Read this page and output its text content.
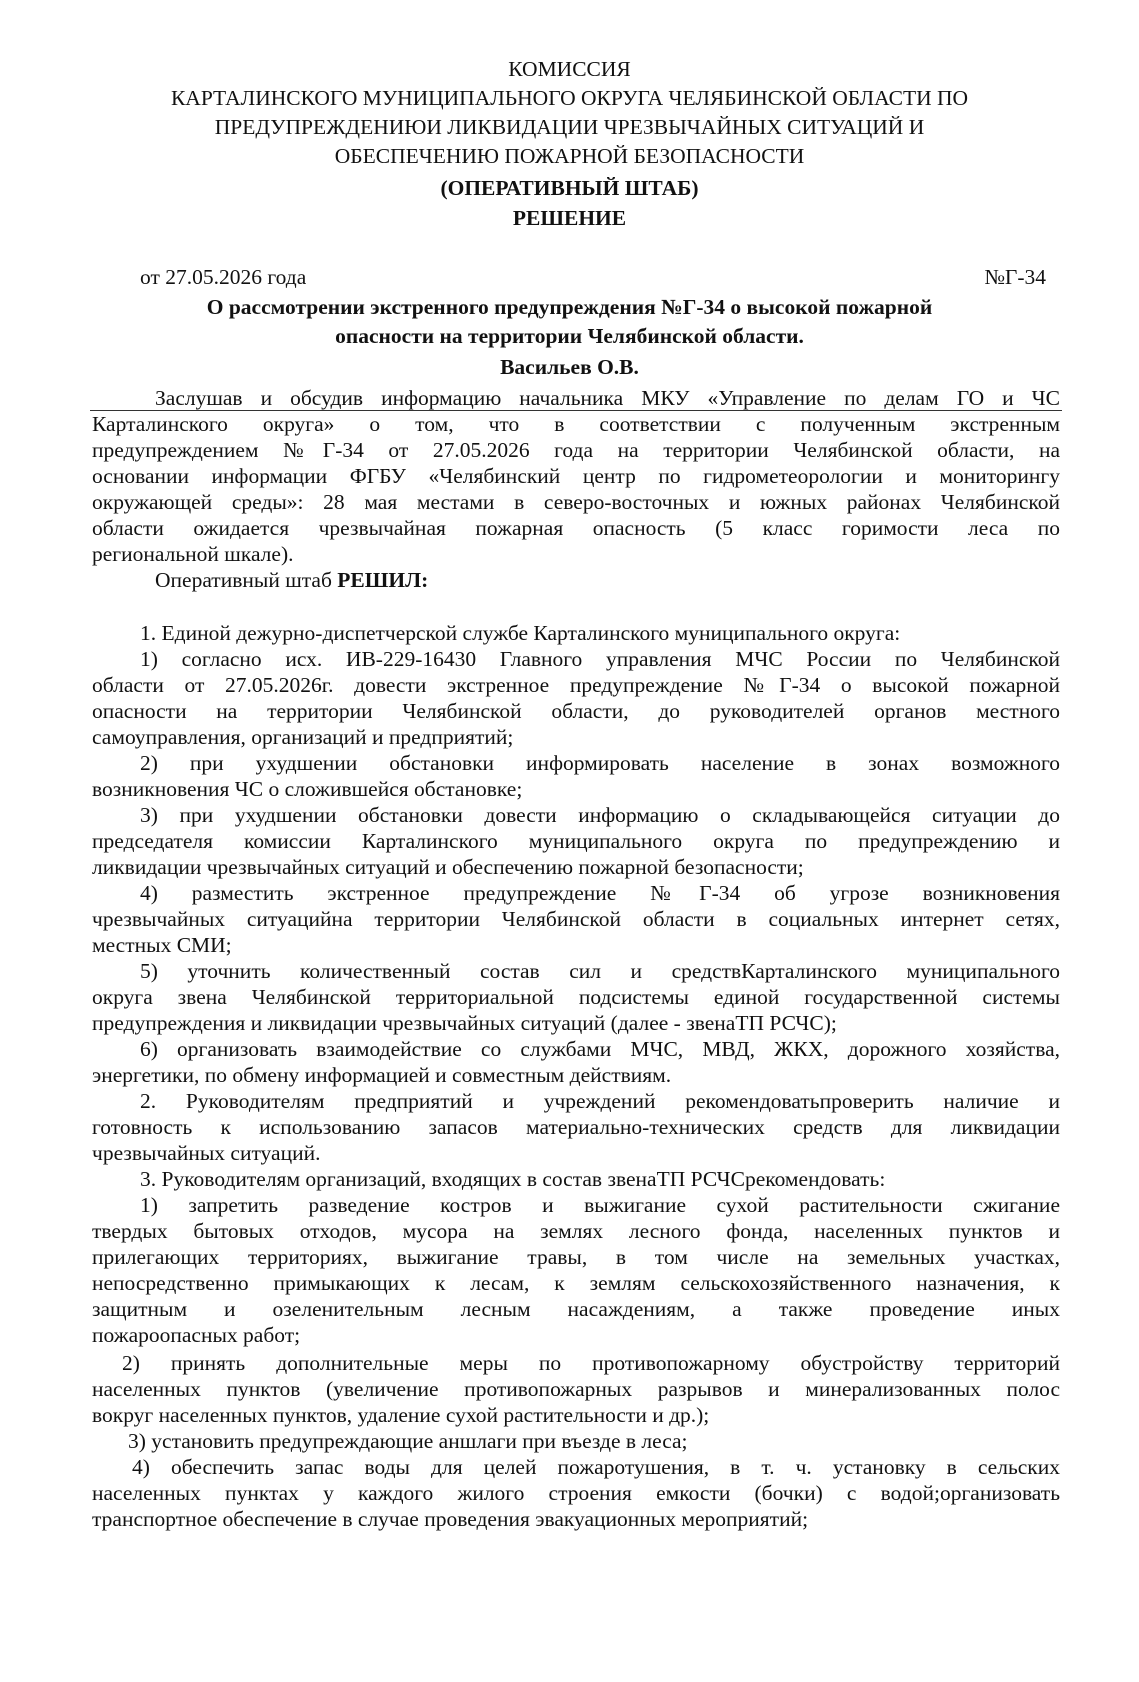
КОМИССИЯ
КАРТАЛИНСКОГО МУНИЦИПАЛЬНОГО ОКРУГА ЧЕЛЯБИНСКОЙ ОБЛАСТИ ПО
ПРЕДУПРЕЖДЕНИЮИ ЛИКВИДАЦИИ ЧРЕЗВЫЧАЙНЫХ СИТУАЦИЙ И
ОБЕСПЕЧЕНИЮ ПОЖАРНОЙ БЕЗОПАСНОСТИ
(ОПЕРАТИВНЫЙ ШТАБ)
РЕШЕНИЕ
от 27.05.2026 года	№Г-34
О рассмотрении экстренного предупреждения №Г-34 о высокой пожарной
опасности на территории Челябинской области.
Васильев О.В.
Заслушав и обсудив информацию начальника МКУ «Управление по делам ГО и ЧС
Карталинского округа» о том, что в соответствии с полученным экстренным
предупреждением №Г-34 от 27.05.2026 года на территории Челябинской области, на
основании информации ФГБУ «Челябинский центр по гидрометеорологии и мониторингу
окружающей среды»: 28 мая местами в северо-восточных и южных районах Челябинской
области ожидается чрезвычайная пожарная опасность (5 класс горимости леса по
региональной шкале).
Оперативный штаб РЕШИЛ:
1. Единой дежурно-диспетчерской службе Карталинского муниципального округа:
1) согласно исх. ИВ-229-16430 Главного управления МЧС России по Челябинской
области от 27.05.2026г. довести экстренное предупреждение №Г-34 о высокой пожарной
опасности на территории Челябинской области, до руководителей органов местного
самоуправления, организаций и предприятий;
2) при ухудшении обстановки информировать население в зонах возможного
возникновения ЧС о сложившейся обстановке;
3) при ухудшении обстановки довести информацию о складывающейся ситуации до
председателя комиссии Карталинского муниципального округа по предупреждению и
ликвидации чрезвычайных ситуаций и обеспечению пожарной безопасности;
4) разместить экстренное предупреждение №Г-34 об угрозе возникновения
чрезвычайных ситуацийна территории Челябинской области в социальных интернет сетях,
местных СМИ;
5) уточнить количественный состав сил и средствКарталинского муниципального
округа звена Челябинской территориальной подсистемы единой государственной системы
предупреждения и ликвидации чрезвычайных ситуаций (далее - звенаТП РСЧС);
6) организовать взаимодействие со службами МЧС, МВД, ЖКХ, дорожного хозяйства,
энергетики, по обмену информацией и совместным действиям.
2. Руководителям предприятий и учреждений рекомендоватьпроверить наличие и
готовность к использованию запасов материально-технических средств для ликвидации
чрезвычайных ситуаций.
3. Руководителям организаций, входящих в состав звенаТП РСЧСрекомендовать:
1) запретить разведение костров и выжигание сухой растительности сжигание
твердых бытовых отходов, мусора на землях лесного фонда, населенных пунктов и
прилегающих территориях, выжигание травы, в том числе на земельных участках,
непосредственно примыкающих к лесам, к землям сельскохозяйственного назначения, к
защитным и озеленительным лесным насаждениям, а также проведение иных
пожароопасных работ;
2) принять дополнительные меры по противопожарному обустройству территорий
населенных пунктов (увеличение противопожарных разрывов и минерализованных полос
вокруг населенных пунктов, удаление сухой растительности и др.);
3) установить предупреждающие аншлаги при въезде в леса;
4) обеспечить запас воды для целей пожаротушения, в т. ч. установку в сельских
населенных пунктах у каждого жилого строения емкости (бочки) с водой;организовать
транспортное обеспечение в случае проведения эвакуационных мероприятий;
